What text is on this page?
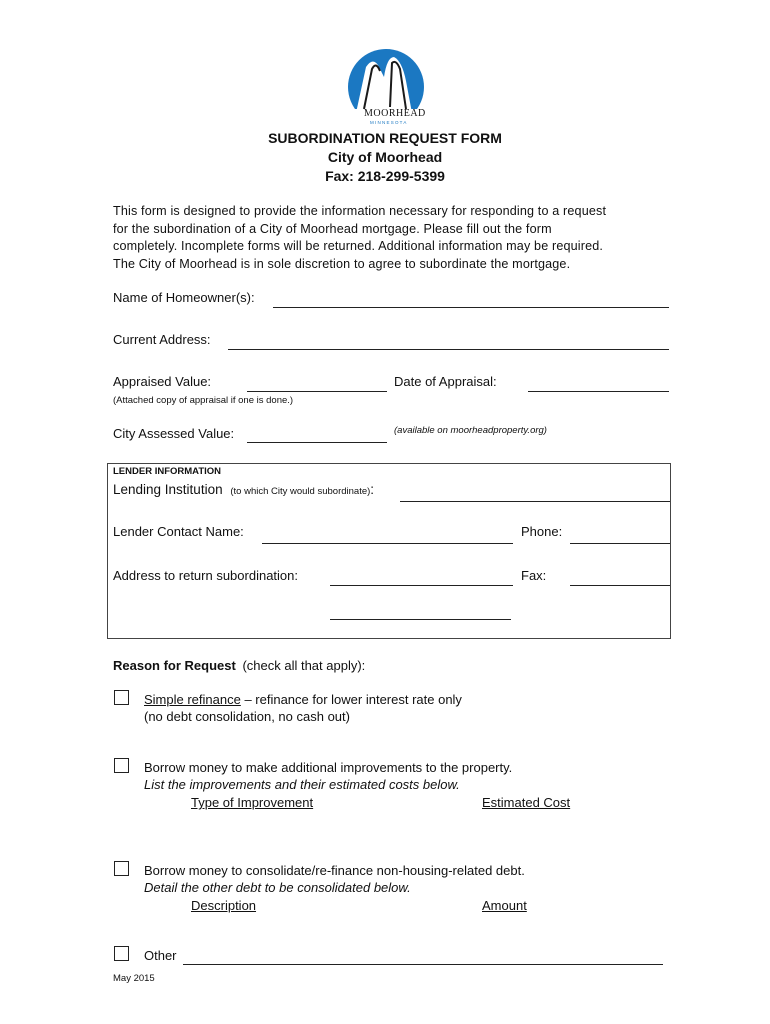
MOORHEAD
M I N N E S O T A
SUBORDINATION REQUEST FORM
City of Moorhead
Fax: 218-299-5399
This form is designed to provide the information necessary for responding to a request
for the subordination of a City of Moorhead mortgage. Please fill out the form
completely. Incomplete forms will be returned. Additional information may be required.
The City of Moorhead is in sole discretion to agree to subordinate the mortgage.
Name of Homeowner(s):
Current Address:
Appraised Value:	Date of Appraisal:
(Attached copy of appraisal if one is done.)
City Assessed Value:	(available on moorheadproperty.org)
LENDER INFORMATION
Lending Institution (to which City would subordinate):
Lender Contact Name:	Phone:
Address to return subordination:	Fax:
Reason for Request (check all that apply):
Simple refinance – refinance for lower interest rate only
(no debt consolidation, no cash out)
Borrow money to make additional improvements to the property.
List the improvements and their estimated costs below.
Type of Improvement	Estimated Cost
Borrow money to consolidate/re-finance non-housing-related debt.
Detail the other debt to be consolidated below.
Description	Amount
Other
May 2015
